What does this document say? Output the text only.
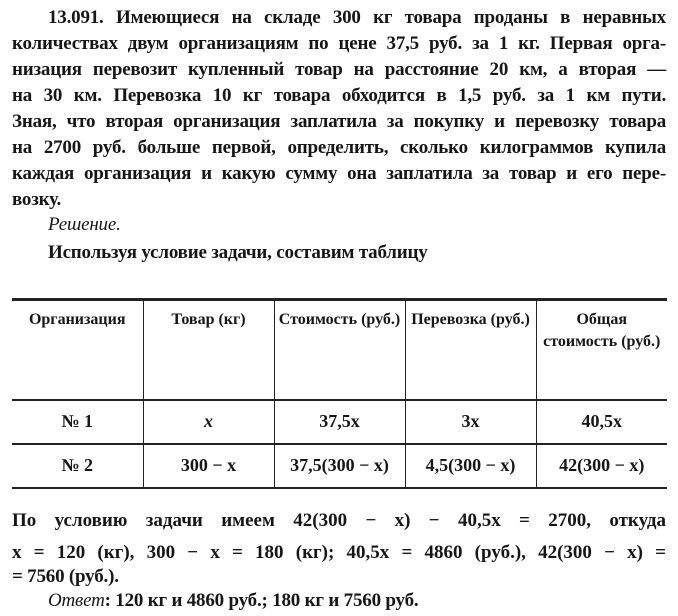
13.091. Имеющиеся на складе 300 кг товара проданы в неравных
количествах двум организациям по цене 37,5 руб. за 1 кг. Первая орга-
низация перевозит купленный товар на расстояние 20 км, а вторая —
на 30 км. Перевозка 10 кг товара обходится в 1,5 руб. за 1 км пути.
Зная, что вторая организация заплатила за покупку и перевозку товара
на 2700 руб. больше первой, определить, сколько килограммов купила
каждая организация и какую сумму она заплатила за товар и его пере-
возку.
Решение.
Используя условие задачи, составим таблицу
Организация	Товар (кг)	Стоимость (руб.)	Перевозка (руб.)	Общая стоимость (руб.)
№ 1	x	37,5x	3x	40,5x
№ 2	300 − x	37,5(300 − x)	4,5(300 − x)	42(300 − x)
По условию задачи имеем 42(300 − x) − 40,5x = 2700, откуда
x = 120 (кг), 300 − x = 180 (кг); 40,5x = 4860 (руб.), 42(300 − x) =
= 7560 (руб.).
Ответ: 120 кг и 4860 руб.; 180 кг и 7560 руб.
